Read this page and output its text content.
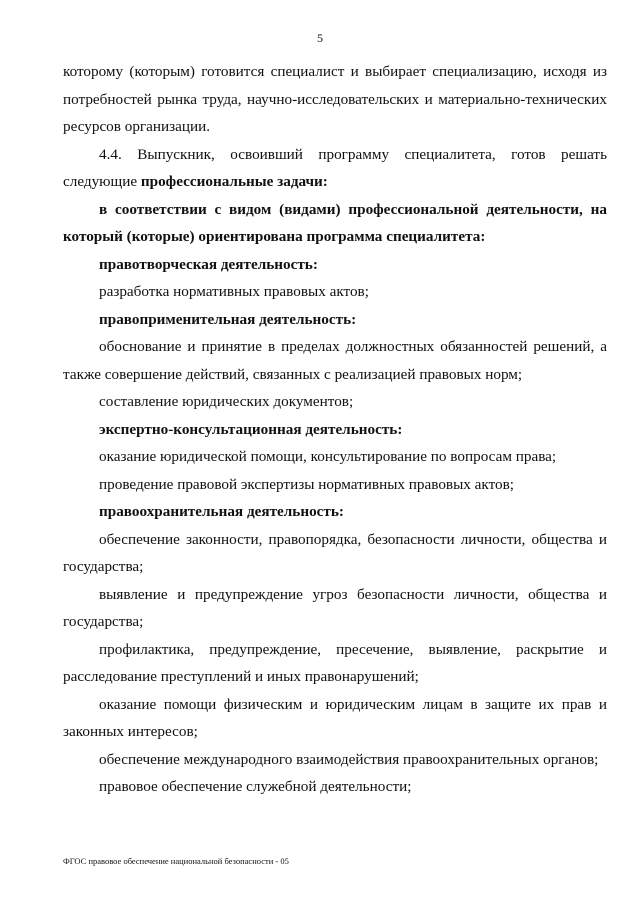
5

которому (которым) готовится специалист и выбирает специализацию, исходя из потребностей рынка труда, научно-исследовательских и материально-технических ресурсов организации.

4.4. Выпускник, освоивший программу специалитета, готов решать следующие профессиональные задачи:

в соответствии с видом (видами) профессиональной деятельности, на который (которые) ориентирована программа специалитета:

правотворческая деятельность:

разработка нормативных правовых актов;

правоприменительная деятельность:

обоснование и принятие в пределах должностных обязанностей решений, а также совершение действий, связанных с реализацией правовых норм;

составление юридических документов;

экспертно-консультационная деятельность:

оказание юридической помощи, консультирование по вопросам права;

проведение правовой экспертизы нормативных правовых актов;

правоохранительная деятельность:

обеспечение законности, правопорядка, безопасности личности, общества и государства;

выявление и предупреждение угроз безопасности личности, общества и государства;

профилактика, предупреждение, пресечение, выявление, раскрытие и расследование преступлений и иных правонарушений;

оказание помощи физическим и юридическим лицам в защите их прав и законных интересов;

обеспечение международного взаимодействия правоохранительных органов;

правовое обеспечение служебной деятельности;

ФГОС правовое обеспечение национальной безопасности - 05
